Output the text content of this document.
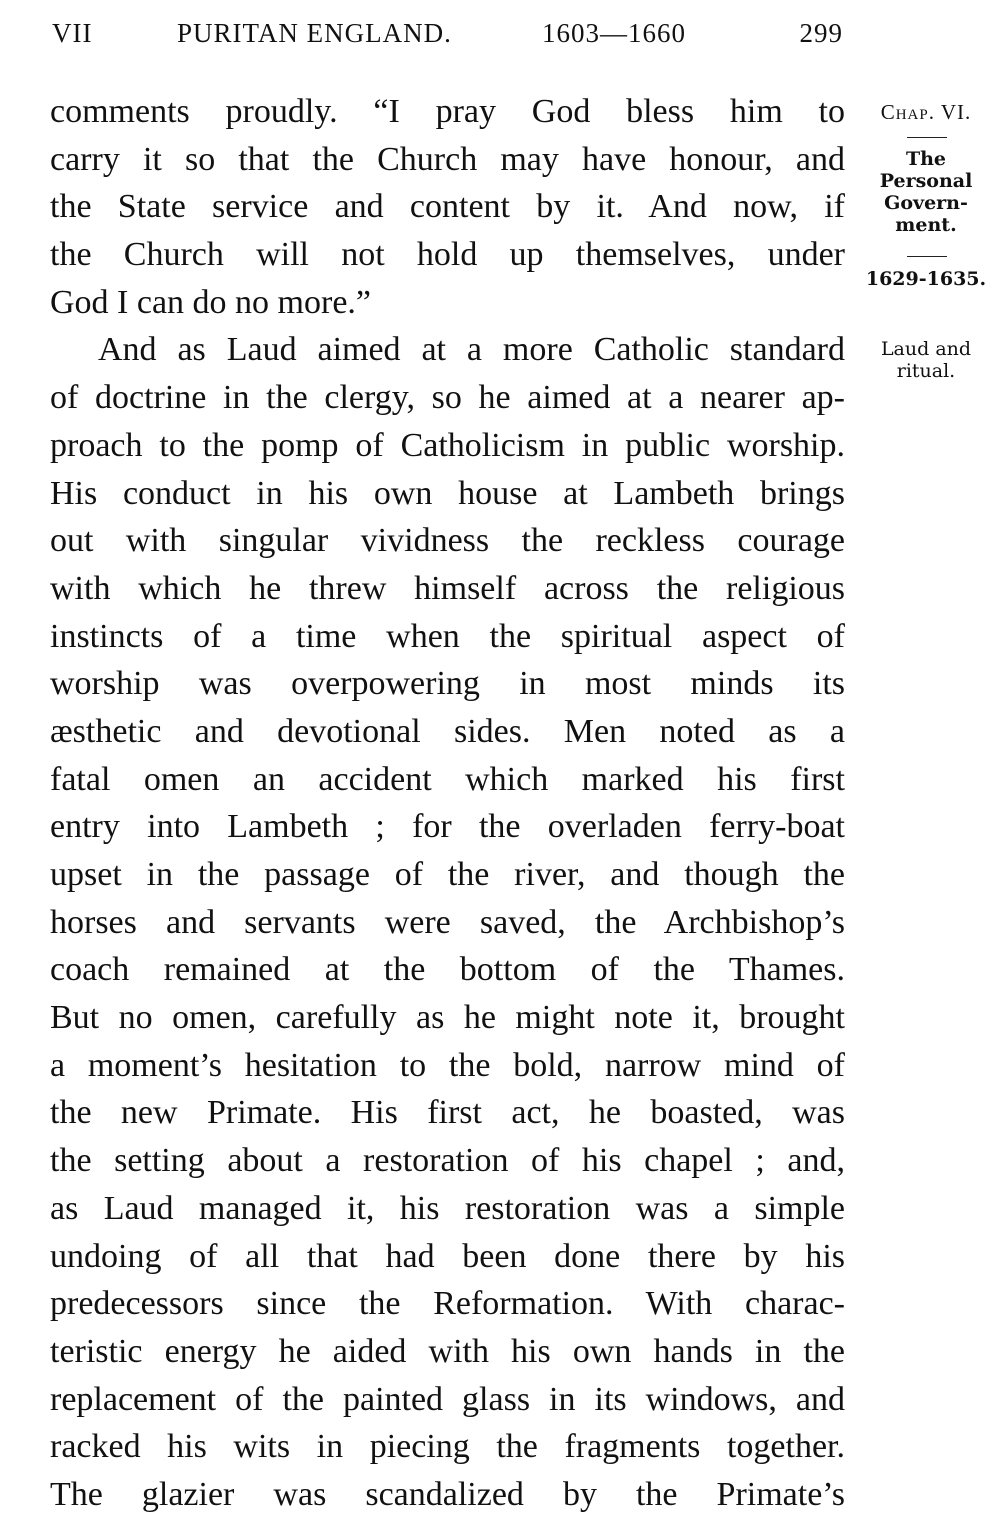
VII	PURITAN ENGLAND.	1603—1660	299
comments proudly. “I pray God bless him to
carry it so that the Church may have honour, and
the State service and content by it. And now, if
the Church will not hold up themselves, under
God I can do no more.”
And as Laud aimed at a more Catholic standard
of doctrine in the clergy, so he aimed at a nearer ap-
proach to the pomp of Catholicism in public worship.
His conduct in his own house at Lambeth brings
out with singular vividness the reckless courage
with which he threw himself across the religious
instincts of a time when the spiritual aspect of
worship was overpowering in most minds its
æsthetic and devotional sides. Men noted as a
fatal omen an accident which marked his first
entry into Lambeth ; for the overladen ferry-boat
upset in the passage of the river, and though the
horses and servants were saved, the Archbishop’s
coach remained at the bottom of the Thames.
But no omen, carefully as he might note it, brought
a moment’s hesitation to the bold, narrow mind of
the new Primate. His first act, he boasted, was
the setting about a restoration of his chapel ; and,
as Laud managed it, his restoration was a simple
undoing of all that had been done there by his
predecessors since the Reformation. With charac-
teristic energy he aided with his own hands in the
replacement of the painted glass in its windows, and
racked his wits in piecing the fragments together.
The glazier was scandalized by the Primate’s
Chap. VI.
The
Personal
Govern-
ment.
1629-1635.
Laud and
ritual.
